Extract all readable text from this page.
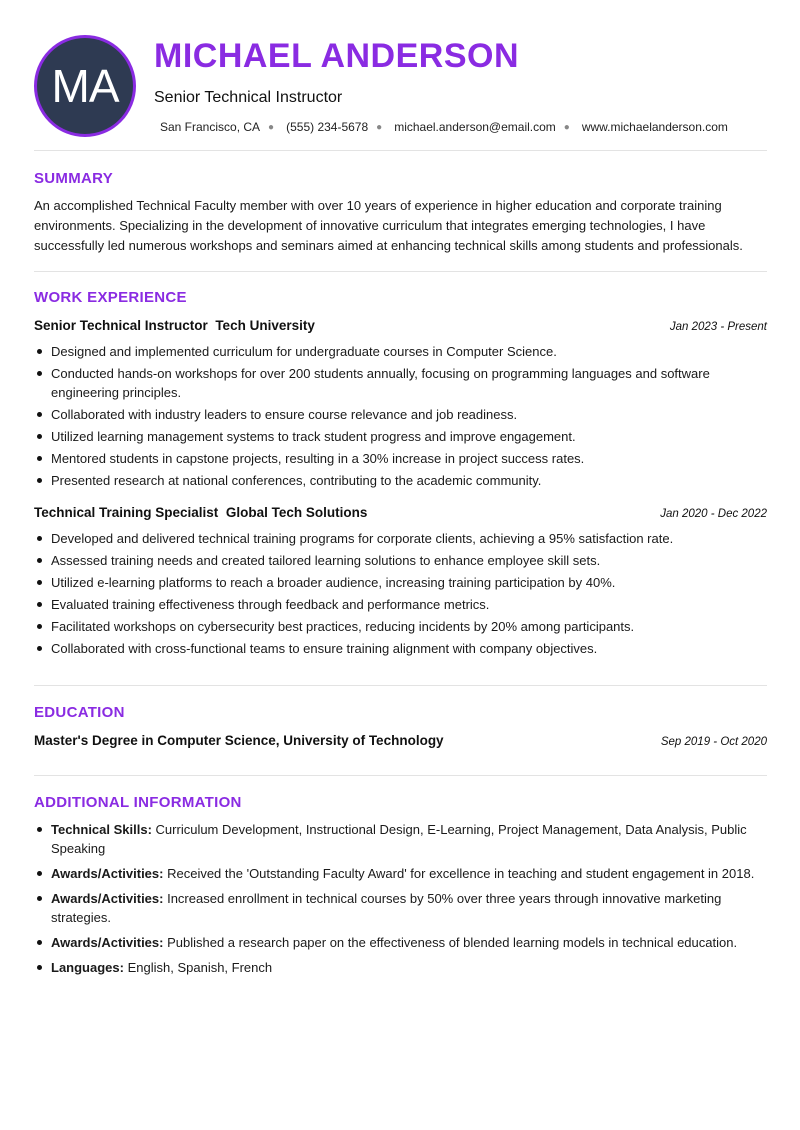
MA
MICHAEL ANDERSON
Senior Technical Instructor
San Francisco, CA ● (555) 234-5678 ● michael.anderson@email.com ● www.michaelanderson.com
SUMMARY

An accomplished Technical Faculty member with over 10 years of experience in higher education and corporate training environments. Specializing in the development of innovative curriculum that integrates emerging technologies, I have successfully led numerous workshops and seminars aimed at enhancing technical skills among students and professionals.

WORK EXPERIENCE
Senior Technical Instructor Tech University	Jan 2023 - Present
Designed and implemented curriculum for undergraduate courses in Computer Science.
Conducted hands-on workshops for over 200 students annually, focusing on programming languages and software engineering principles.
Collaborated with industry leaders to ensure course relevance and job readiness.
Utilized learning management systems to track student progress and improve engagement.
Mentored students in capstone projects, resulting in a 30% increase in project success rates.
Presented research at national conferences, contributing to the academic community.
Technical Training Specialist Global Tech Solutions	Jan 2020 - Dec 2022
Developed and delivered technical training programs for corporate clients, achieving a 95% satisfaction rate.
Assessed training needs and created tailored learning solutions to enhance employee skill sets.
Utilized e-learning platforms to reach a broader audience, increasing training participation by 40%.
Evaluated training effectiveness through feedback and performance metrics.
Facilitated workshops on cybersecurity best practices, reducing incidents by 20% among participants.
Collaborated with cross-functional teams to ensure training alignment with company objectives.
EDUCATION
Master's Degree in Computer Science, University of Technology	Sep 2019 - Oct 2020
ADDITIONAL INFORMATION
Technical Skills: Curriculum Development, Instructional Design, E-Learning, Project Management, Data Analysis, Public Speaking
Awards/Activities: Received the 'Outstanding Faculty Award' for excellence in teaching and student engagement in 2018.
Awards/Activities: Increased enrollment in technical courses by 50% over three years through innovative marketing strategies.
Awards/Activities: Published a research paper on the effectiveness of blended learning models in technical education.
Languages: English, Spanish, French
